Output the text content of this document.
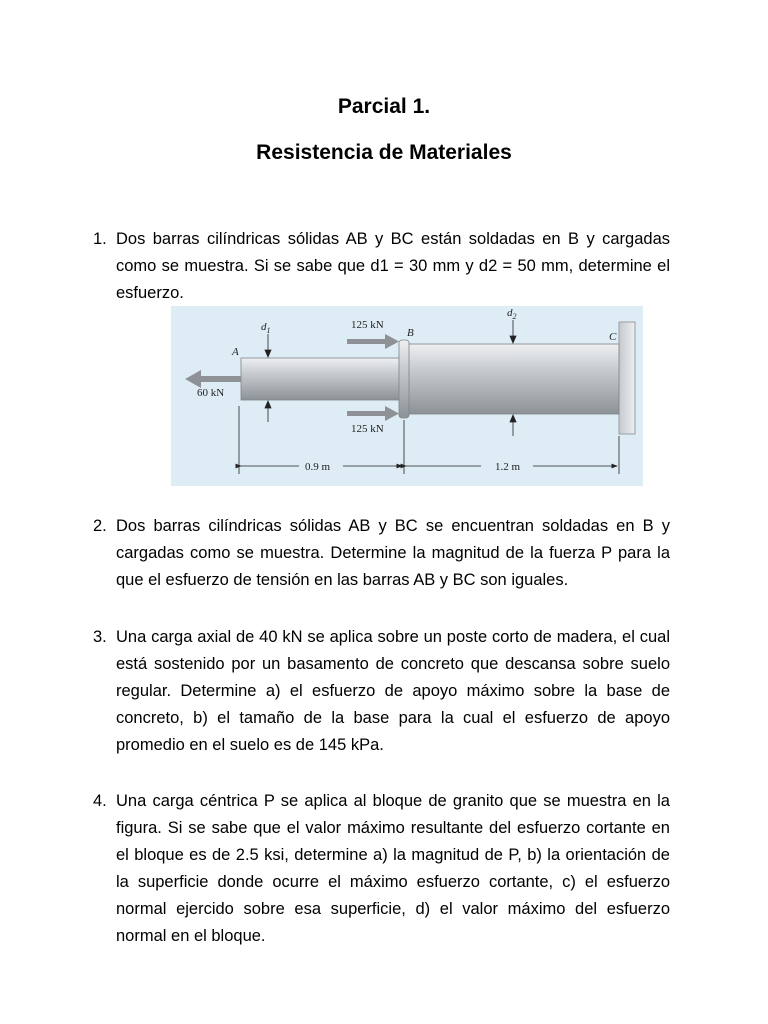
Parcial 1.
Resistencia de Materiales
1. Dos barras cilíndricas sólidas AB y BC están soldadas en B y cargadas como se muestra. Si se sabe que d1 = 30 mm y d2 = 50 mm, determine el esfuerzo.
$d_1$
$d_2$
A
B	C
60 kN
125 kN
125 kN
0.9 m	1.2 m
2. Dos barras cilíndricas sólidas AB y BC se encuentran soldadas en B y cargadas como se muestra. Determine la magnitud de la fuerza P para la que el esfuerzo de tensión en las barras AB y BC son iguales.
3. Una carga axial de 40 kN se aplica sobre un poste corto de madera, el cual está sostenido por un basamento de concreto que descansa sobre suelo regular. Determine a) el esfuerzo de apoyo máximo sobre la base de concreto, b) el tamaño de la base para la cual el esfuerzo de apoyo promedio en el suelo es de 145 kPa.
4. Una carga céntrica P se aplica al bloque de granito que se muestra en la figura. Si se sabe que el valor máximo resultante del esfuerzo cortante en el bloque es de 2.5 ksi, determine a) la magnitud de P, b) la orientación de la superficie donde ocurre el máximo esfuerzo cortante, c) el esfuerzo normal ejercido sobre esa superficie, d) el valor máximo del esfuerzo normal en el bloque.
